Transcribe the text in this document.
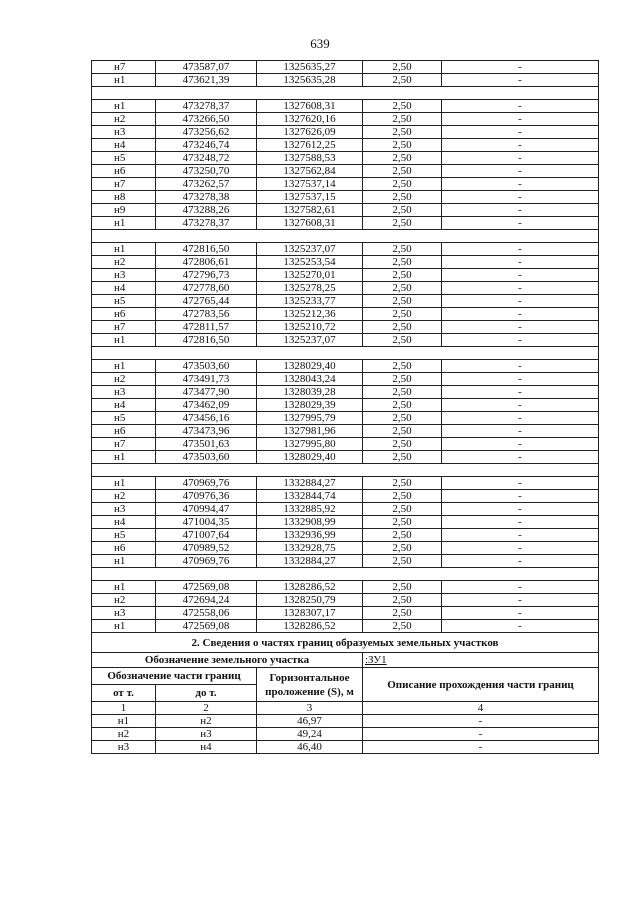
639
н7	473587,07	1325635,27	2,50	-
н1	473621,39	1325635,28	2,50	-

н1	473278,37	1327608,31	2,50	-
н2	473266,50	1327620,16	2,50	-
н3	473256,62	1327626,09	2,50	-
н4	473246,74	1327612,25	2,50	-
н5	473248,72	1327588,53	2,50	-
н6	473250,70	1327562,84	2,50	-
н7	473262,57	1327537,14	2,50	-
н8	473278,38	1327537,15	2,50	-
н9	473288,26	1327582,61	2,50	-
н1	473278,37	1327608,31	2,50	-

н1	472816,50	1325237,07	2,50	-
н2	472806,61	1325253,54	2,50	-
н3	472796,73	1325270,01	2,50	-
н4	472778,60	1325278,25	2,50	-
н5	472765,44	1325233,77	2,50	-
н6	472783,56	1325212,36	2,50	-
н7	472811,57	1325210,72	2,50	-
н1	472816,50	1325237,07	2,50	-

н1	473503,60	1328029,40	2,50	-
н2	473491,73	1328043,24	2,50	-
н3	473477,90	1328039,28	2,50	-
н4	473462,09	1328029,39	2,50	-
н5	473456,16	1327995,79	2,50	-
н6	473473,96	1327981,96	2,50	-
н7	473501,63	1327995,80	2,50	-
н1	473503,60	1328029,40	2,50	-

н1	470969,76	1332884,27	2,50	-
н2	470976,36	1332844,74	2,50	-
н3	470994,47	1332885,92	2,50	-
н4	471004,35	1332908,99	2,50	-
н5	471007,64	1332936,99	2,50	-
н6	470989,52	1332928,75	2,50	-
н1	470969,76	1332884,27	2,50	-

н1	472569,08	1328286,52	2,50	-
н2	472694,24	1328250,79	2,50	-
н3	472558,06	1328307,17	2,50	-
н1	472569,08	1328286,52	2,50	-
2. Сведения о частях границ образуемых земельных участков				
Обозначение земельного участка			:ЗУ1	
Обозначение части границ		Горизонтальное проложение (S), м	Описание прохождения части границ	
от т.	до т.			
1	2	3	4	
н1	н2	46,97	-	
н2	н3	49,24	-	
н3	н4	46,40	-	
